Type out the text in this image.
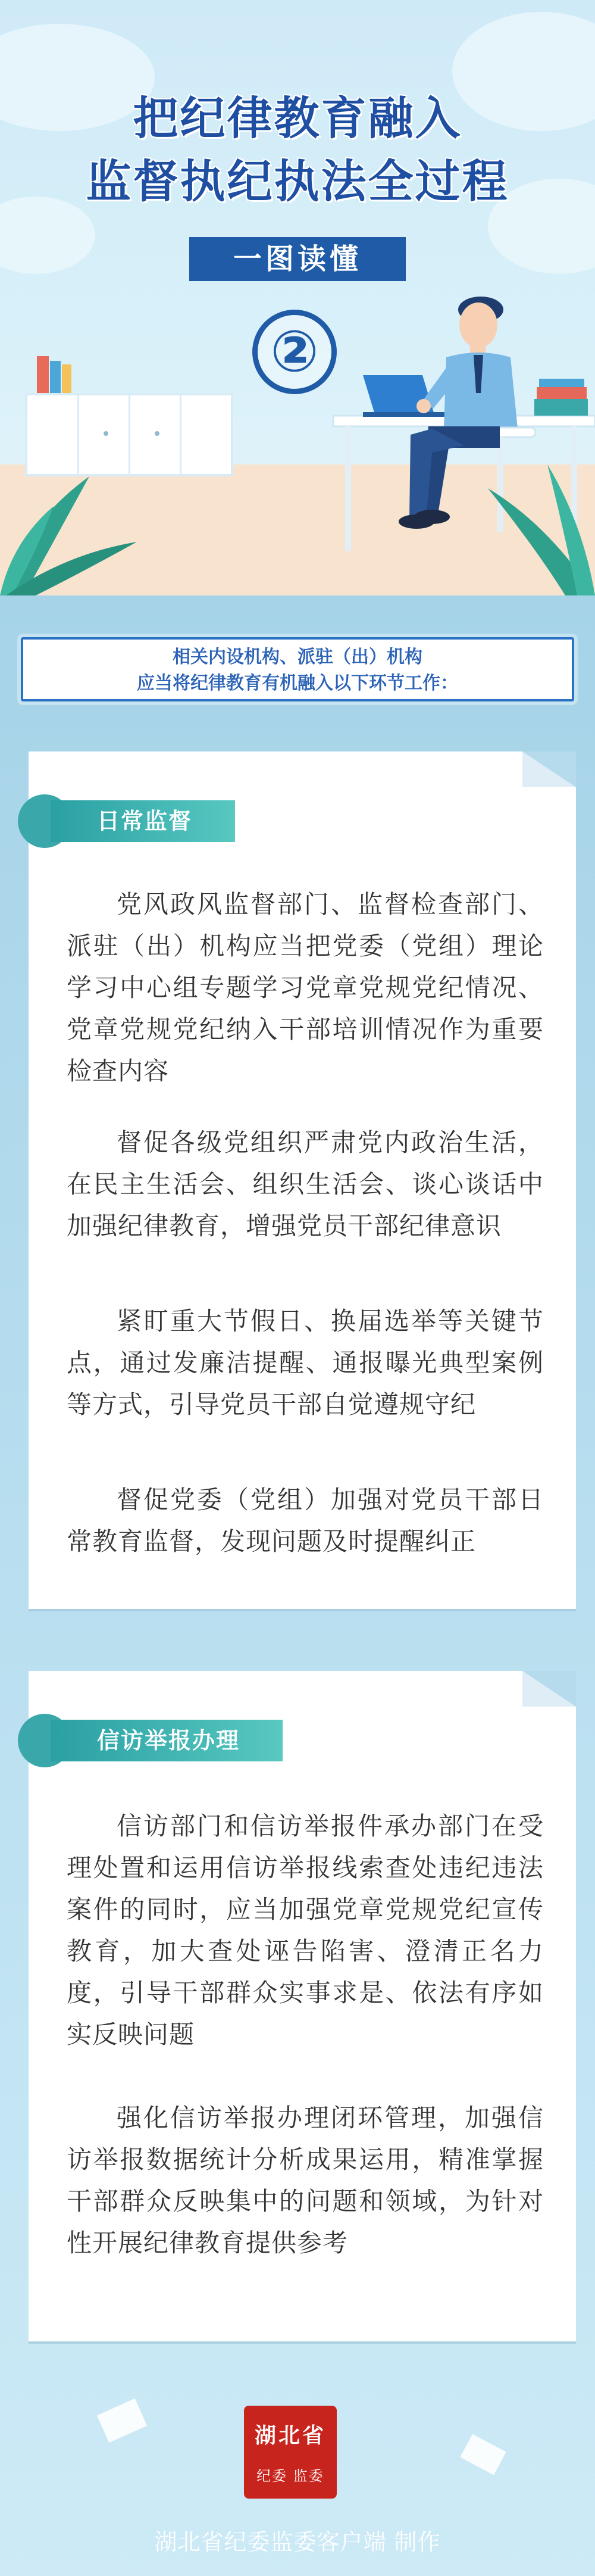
把纪律教育融入
监督执纪执法全过程
一图读懂
②
相关内设机构、派驻（出）机构
应当将纪律教育有机融入以下环节工作：
日常监督

党风政风监督部门、监督检查部门、派驻（出）机构应当把党委（党组）理论学习中心组专题学习党章党规党纪情况、党章党规党纪纳入干部培训情况作为重要检查内容

督促各级党组织严肃党内政治生活，在民主生活会、组织生活会、谈心谈话中加强纪律教育，增强党员干部纪律意识

紧盯重大节假日、换届选举等关键节点，通过发廉洁提醒、通报曝光典型案例等方式，引导党员干部自觉遵规守纪

督促党委（党组）加强对党员干部日常教育监督，发现问题及时提醒纠正

信访举报办理

信访部门和信访举报件承办部门在受理处置和运用信访举报线索查处违纪违法案件的同时，应当加强党章党规党纪宣传教育，加大查处诬告陷害、澄清正名力度，引导干部群众实事求是、依法有序如实反映问题

强化信访举报办理闭环管理，加强信访举报数据统计分析成果运用，精准掌握干部群众反映集中的问题和领域，为针对性开展纪律教育提供参考

湖北省
纪委 监委
湖北省纪委监委客户端 制作
